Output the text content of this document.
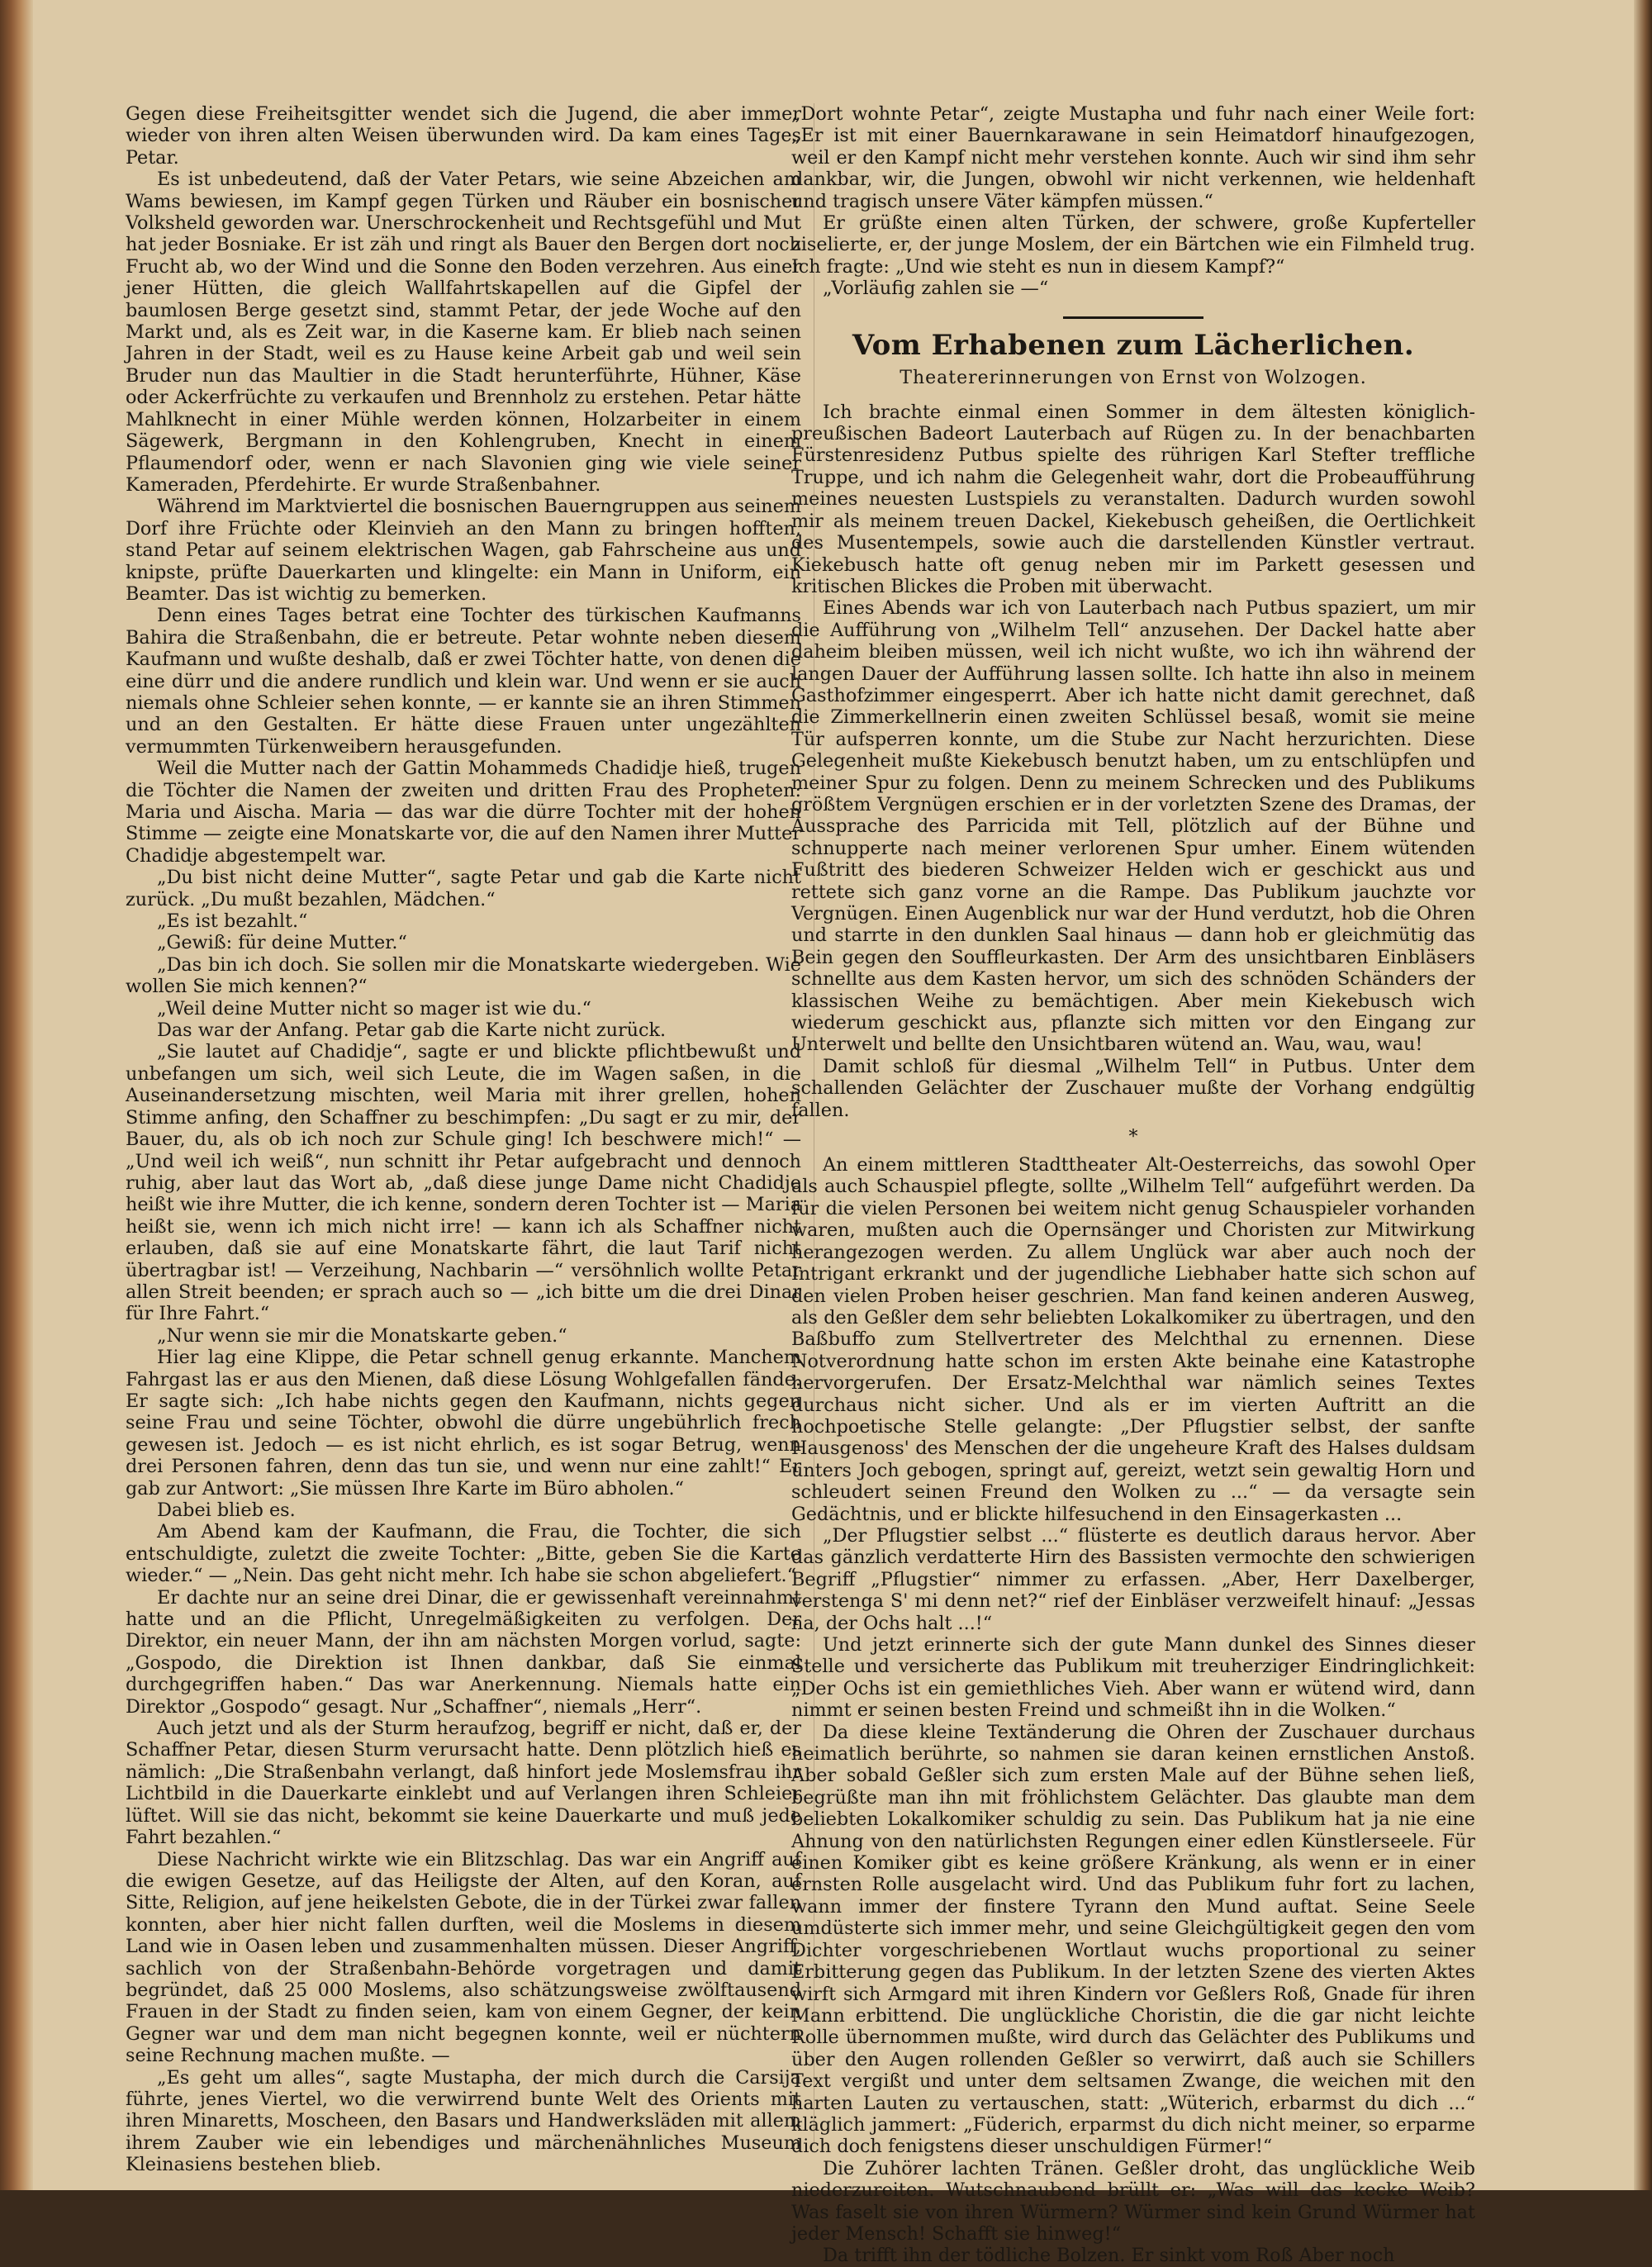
Gegen diese Freiheitsgitter wendet sich die Jugend, die aber immer wieder von ihren alten Weisen überwunden wird. Da kam eines Tages Petar.

Es ist unbedeutend, daß der Vater Petars, wie seine Abzeichen am Wams bewiesen, im Kampf gegen Türken und Räuber ein bosnischer Volksheld geworden war. Unerschrockenheit und Rechtsgefühl und Mut hat jeder Bosniake. Er ist zäh und ringt als Bauer den Bergen dort noch Frucht ab, wo der Wind und die Sonne den Boden verzehren. Aus einer jener Hütten, die gleich Wallfahrtskapellen auf die Gipfel der baumlosen Berge gesetzt sind, stammt Petar, der jede Woche auf den Markt und, als es Zeit war, in die Kaserne kam. Er blieb nach seinen Jahren in der Stadt, weil es zu Hause keine Arbeit gab und weil sein Bruder nun das Maultier in die Stadt herunterführte, Hühner, Käse oder Ackerfrüchte zu verkaufen und Brennholz zu erstehen. Petar hätte Mahlknecht in einer Mühle werden können, Holzarbeiter in einem Sägewerk, Bergmann in den Kohlengruben, Knecht in einem Pflaumendorf oder, wenn er nach Slavonien ging wie viele seiner Kameraden, Pferdehirte. Er wurde Straßenbahner.

Während im Marktviertel die bosnischen Bauerngruppen aus seinem Dorf ihre Früchte oder Kleinvieh an den Mann zu bringen hofften, stand Petar auf seinem elektrischen Wagen, gab Fahrscheine aus und knipste, prüfte Dauerkarten und klingelte: ein Mann in Uniform, ein Beamter. Das ist wichtig zu bemerken.

Denn eines Tages betrat eine Tochter des türkischen Kaufmanns Bahira die Straßenbahn, die er betreute. Petar wohnte neben diesem Kaufmann und wußte deshalb, daß er zwei Töchter hatte, von denen die eine dürr und die andere rundlich und klein war. Und wenn er sie auch niemals ohne Schleier sehen konnte, — er kannte sie an ihren Stimmen und an den Gestalten. Er hätte diese Frauen unter ungezählten vermummten Türkenweibern herausgefunden.

Weil die Mutter nach der Gattin Mohammeds Chadidje hieß, trugen die Töchter die Namen der zweiten und dritten Frau des Propheten: Maria und Aischa. Maria — das war die dürre Tochter mit der hohen Stimme — zeigte eine Monatskarte vor, die auf den Namen ihrer Mutter Chadidje abgestempelt war.

„Du bist nicht deine Mutter“, sagte Petar und gab die Karte nicht zurück. „Du mußt bezahlen, Mädchen.“

„Es ist bezahlt.“

„Gewiß: für deine Mutter.“

„Das bin ich doch. Sie sollen mir die Monatskarte wiedergeben. Wie wollen Sie mich kennen?“

„Weil deine Mutter nicht so mager ist wie du.“

Das war der Anfang. Petar gab die Karte nicht zurück.

„Sie lautet auf Chadidje“, sagte er und blickte pflichtbewußt und unbefangen um sich, weil sich Leute, die im Wagen saßen, in die Auseinandersetzung mischten, weil Maria mit ihrer grellen, hohen Stimme anfing, den Schaffner zu beschimpfen: „Du sagt er zu mir, der Bauer, du, als ob ich noch zur Schule ging! Ich beschwere mich!“ — „Und weil ich weiß“, nun schnitt ihr Petar aufgebracht und dennoch ruhig, aber laut das Wort ab, „daß diese junge Dame nicht Chadidje heißt wie ihre Mutter, die ich kenne, sondern deren Tochter ist — Maria heißt sie, wenn ich mich nicht irre! — kann ich als Schaffner nicht erlauben, daß sie auf eine Monatskarte fährt, die laut Tarif nicht übertragbar ist! — Verzeihung, Nachbarin —“ versöhnlich wollte Petar allen Streit beenden; er sprach auch so — „ich bitte um die drei Dinar für Ihre Fahrt.“

„Nur wenn sie mir die Monatskarte geben.“

Hier lag eine Klippe, die Petar schnell genug erkannte. Manchem Fahrgast las er aus den Mienen, daß diese Lösung Wohlgefallen fände. Er sagte sich: „Ich habe nichts gegen den Kaufmann, nichts gegen seine Frau und seine Töchter, obwohl die dürre ungebührlich frech gewesen ist. Jedoch — es ist nicht ehrlich, es ist sogar Betrug, wenn drei Personen fahren, denn das tun sie, und wenn nur eine zahlt!“ Er gab zur Antwort: „Sie müssen Ihre Karte im Büro abholen.“

Dabei blieb es.

Am Abend kam der Kaufmann, die Frau, die Tochter, die sich entschuldigte, zuletzt die zweite Tochter: „Bitte, geben Sie die Karte wieder.“ — „Nein. Das geht nicht mehr. Ich habe sie schon abgeliefert.“

Er dachte nur an seine drei Dinar, die er gewissenhaft vereinnahmt hatte und an die Pflicht, Unregelmäßigkeiten zu verfolgen. Der Direktor, ein neuer Mann, der ihn am nächsten Morgen vorlud, sagte: „Gospodo, die Direktion ist Ihnen dankbar, daß Sie einmal durchgegriffen haben.“ Das war Anerkennung. Niemals hatte ein Direktor „Gospodo“ gesagt. Nur „Schaffner“, niemals „Herr“.

Auch jetzt und als der Sturm heraufzog, begriff er nicht, daß er, der Schaffner Petar, diesen Sturm verursacht hatte. Denn plötzlich hieß es nämlich: „Die Straßenbahn verlangt, daß hinfort jede Moslemsfrau ihr Lichtbild in die Dauerkarte einklebt und auf Verlangen ihren Schleier lüftet. Will sie das nicht, bekommt sie keine Dauerkarte und muß jede Fahrt bezahlen.“

Diese Nachricht wirkte wie ein Blitzschlag. Das war ein Angriff auf die ewigen Gesetze, auf das Heiligste der Alten, auf den Koran, auf Sitte, Religion, auf jene heikelsten Gebote, die in der Türkei zwar fallen konnten, aber hier nicht fallen durften, weil die Moslems in diesem Land wie in Oasen leben und zusammenhalten müssen. Dieser Angriff, sachlich von der Straßenbahn-Behörde vorgetragen und damit begründet, daß 25 000 Moslems, also schätzungsweise zwölftausend Frauen in der Stadt zu finden seien, kam von einem Gegner, der kein Gegner war und dem man nicht begegnen konnte, weil er nüchtern seine Rechnung machen mußte. —

„Es geht um alles“, sagte Mustapha, der mich durch die Carsija führte, jenes Viertel, wo die verwirrend bunte Welt des Orients mit ihren Minaretts, Moscheen, den Basars und Handwerksläden mit allem ihrem Zauber wie ein lebendiges und märchenähnliches Museum Kleinasiens bestehen blieb.

„Dort wohnte Petar“, zeigte Mustapha und fuhr nach einer Weile fort: „Er ist mit einer Bauernkarawane in sein Heimatdorf hinaufgezogen, weil er den Kampf nicht mehr verstehen konnte. Auch wir sind ihm sehr dankbar, wir, die Jungen, obwohl wir nicht verkennen, wie heldenhaft und tragisch unsere Väter kämpfen müssen.“

Er grüßte einen alten Türken, der schwere, große Kupferteller ziselierte, er, der junge Moslem, der ein Bärtchen wie ein Filmheld trug. Ich fragte: „Und wie steht es nun in diesem Kampf?“

„Vorläufig zahlen sie —“

Vom Erhabenen zum Lächerlichen.
Theatererinnerungen von Ernst von Wolzogen.

Ich brachte einmal einen Sommer in dem ältesten königlich-preußischen Badeort Lauterbach auf Rügen zu. In der benachbarten Fürstenresidenz Putbus spielte des rührigen Karl Stefter treffliche Truppe, und ich nahm die Gelegenheit wahr, dort die Probeaufführung meines neuesten Lustspiels zu veranstalten. Dadurch wurden sowohl mir als meinem treuen Dackel, Kiekebusch geheißen, die Oertlichkeit des Musentempels, sowie auch die darstellenden Künstler vertraut. Kiekebusch hatte oft genug neben mir im Parkett gesessen und kritischen Blickes die Proben mit überwacht.

Eines Abends war ich von Lauterbach nach Putbus spaziert, um mir die Aufführung von „Wilhelm Tell“ anzusehen. Der Dackel hatte aber daheim bleiben müssen, weil ich nicht wußte, wo ich ihn während der langen Dauer der Aufführung lassen sollte. Ich hatte ihn also in meinem Gasthofzimmer eingesperrt. Aber ich hatte nicht damit gerechnet, daß die Zimmerkellnerin einen zweiten Schlüssel besaß, womit sie meine Tür aufsperren konnte, um die Stube zur Nacht herzurichten. Diese Gelegenheit mußte Kiekebusch benutzt haben, um zu entschlüpfen und meiner Spur zu folgen. Denn zu meinem Schrecken und des Publikums größtem Vergnügen erschien er in der vorletzten Szene des Dramas, der Aussprache des Parricida mit Tell, plötzlich auf der Bühne und schnupperte nach meiner verlorenen Spur umher. Einem wütenden Fußtritt des biederen Schweizer Helden wich er geschickt aus und rettete sich ganz vorne an die Rampe. Das Publikum jauchzte vor Vergnügen. Einen Augenblick nur war der Hund verdutzt, hob die Ohren und starrte in den dunklen Saal hinaus — dann hob er gleichmütig das Bein gegen den Souffleurkasten. Der Arm des unsichtbaren Einbläsers schnellte aus dem Kasten hervor, um sich des schnöden Schänders der klassischen Weihe zu bemächtigen. Aber mein Kiekebusch wich wiederum geschickt aus, pflanzte sich mitten vor den Eingang zur Unterwelt und bellte den Unsichtbaren wütend an. Wau, wau, wau!

Damit schloß für diesmal „Wilhelm Tell“ in Putbus. Unter dem schallenden Gelächter der Zuschauer mußte der Vorhang endgültig fallen.

*

An einem mittleren Stadttheater Alt-Oesterreichs, das sowohl Oper als auch Schauspiel pflegte, sollte „Wilhelm Tell“ aufgeführt werden. Da für die vielen Personen bei weitem nicht genug Schauspieler vorhanden waren, mußten auch die Opernsänger und Choristen zur Mitwirkung herangezogen werden. Zu allem Unglück war aber auch noch der Intrigant erkrankt und der jugendliche Liebhaber hatte sich schon auf den vielen Proben heiser geschrien. Man fand keinen anderen Ausweg, als den Geßler dem sehr beliebten Lokalkomiker zu übertragen, und den Baßbuffo zum Stellvertreter des Melchthal zu ernennen. Diese Notverordnung hatte schon im ersten Akte beinahe eine Katastrophe hervorgerufen. Der Ersatz-Melchthal war nämlich seines Textes durchaus nicht sicher. Und als er im vierten Auftritt an die hochpoetische Stelle gelangte: „Der Pflugstier selbst, der sanfte Hausgenoss' des Menschen der die ungeheure Kraft des Halses duldsam unters Joch gebogen, springt auf, gereizt, wetzt sein gewaltig Horn und schleudert seinen Freund den Wolken zu ...“ — da versagte sein Gedächtnis, und er blickte hilfesuchend in den Einsagerkasten ...

„Der Pflugstier selbst ...“ flüsterte es deutlich daraus hervor. Aber das gänzlich verdatterte Hirn des Bassisten vermochte den schwierigen Begriff „Pflugstier“ nimmer zu erfassen. „Aber, Herr Daxelberger, verstenga S' mi denn net?“ rief der Einbläser verzweifelt hinauf: „Jessas na, der Ochs halt ...!“

Und jetzt erinnerte sich der gute Mann dunkel des Sinnes dieser Stelle und versicherte das Publikum mit treuherziger Eindringlichkeit: „Der Ochs ist ein gemiethliches Vieh. Aber wann er wütend wird, dann nimmt er seinen besten Freind und schmeißt ihn in die Wolken.“

Da diese kleine Textänderung die Ohren der Zuschauer durchaus heimatlich berührte, so nahmen sie daran keinen ernstlichen Anstoß. Aber sobald Geßler sich zum ersten Male auf der Bühne sehen ließ, begrüßte man ihn mit fröhlichstem Gelächter. Das glaubte man dem beliebten Lokalkomiker schuldig zu sein. Das Publikum hat ja nie eine Ahnung von den natürlichsten Regungen einer edlen Künstlerseele. Für einen Komiker gibt es keine größere Kränkung, als wenn er in einer ernsten Rolle ausgelacht wird. Und das Publikum fuhr fort zu lachen, wann immer der finstere Tyrann den Mund auftat. Seine Seele umdüsterte sich immer mehr, und seine Gleichgültigkeit gegen den vom Dichter vorgeschriebenen Wortlaut wuchs proportional zu seiner Erbitterung gegen das Publikum. In der letzten Szene des vierten Aktes wirft sich Armgard mit ihren Kindern vor Geßlers Roß, Gnade für ihren Mann erbittend. Die unglückliche Choristin, die die gar nicht leichte Rolle übernommen mußte, wird durch das Gelächter des Publikums und über den Augen rollenden Geßler so verwirrt, daß auch sie Schillers Text vergißt und unter dem seltsamen Zwange, die weichen mit den harten Lauten zu vertauschen, statt: „Wüterich, erbarmst du dich ...“ kläglich jammert: „Füderich, erparmst du dich nicht meiner, so erparme dich doch fenigstens dieser unschuldigen Fürmer!“

Die Zuhörer lachten Tränen. Geßler droht, das unglückliche Weib niederzureiten. Wutschnaubend brüllt er: „Was will das kecke Weib? Was faselt sie von ihren Würmern? Würmer sind kein Grund Würmer hat jeder Mensch! Schafft sie hinweg!“

Da trifft ihn der tödliche Bolzen. Er sinkt vom Roß Aber noch
